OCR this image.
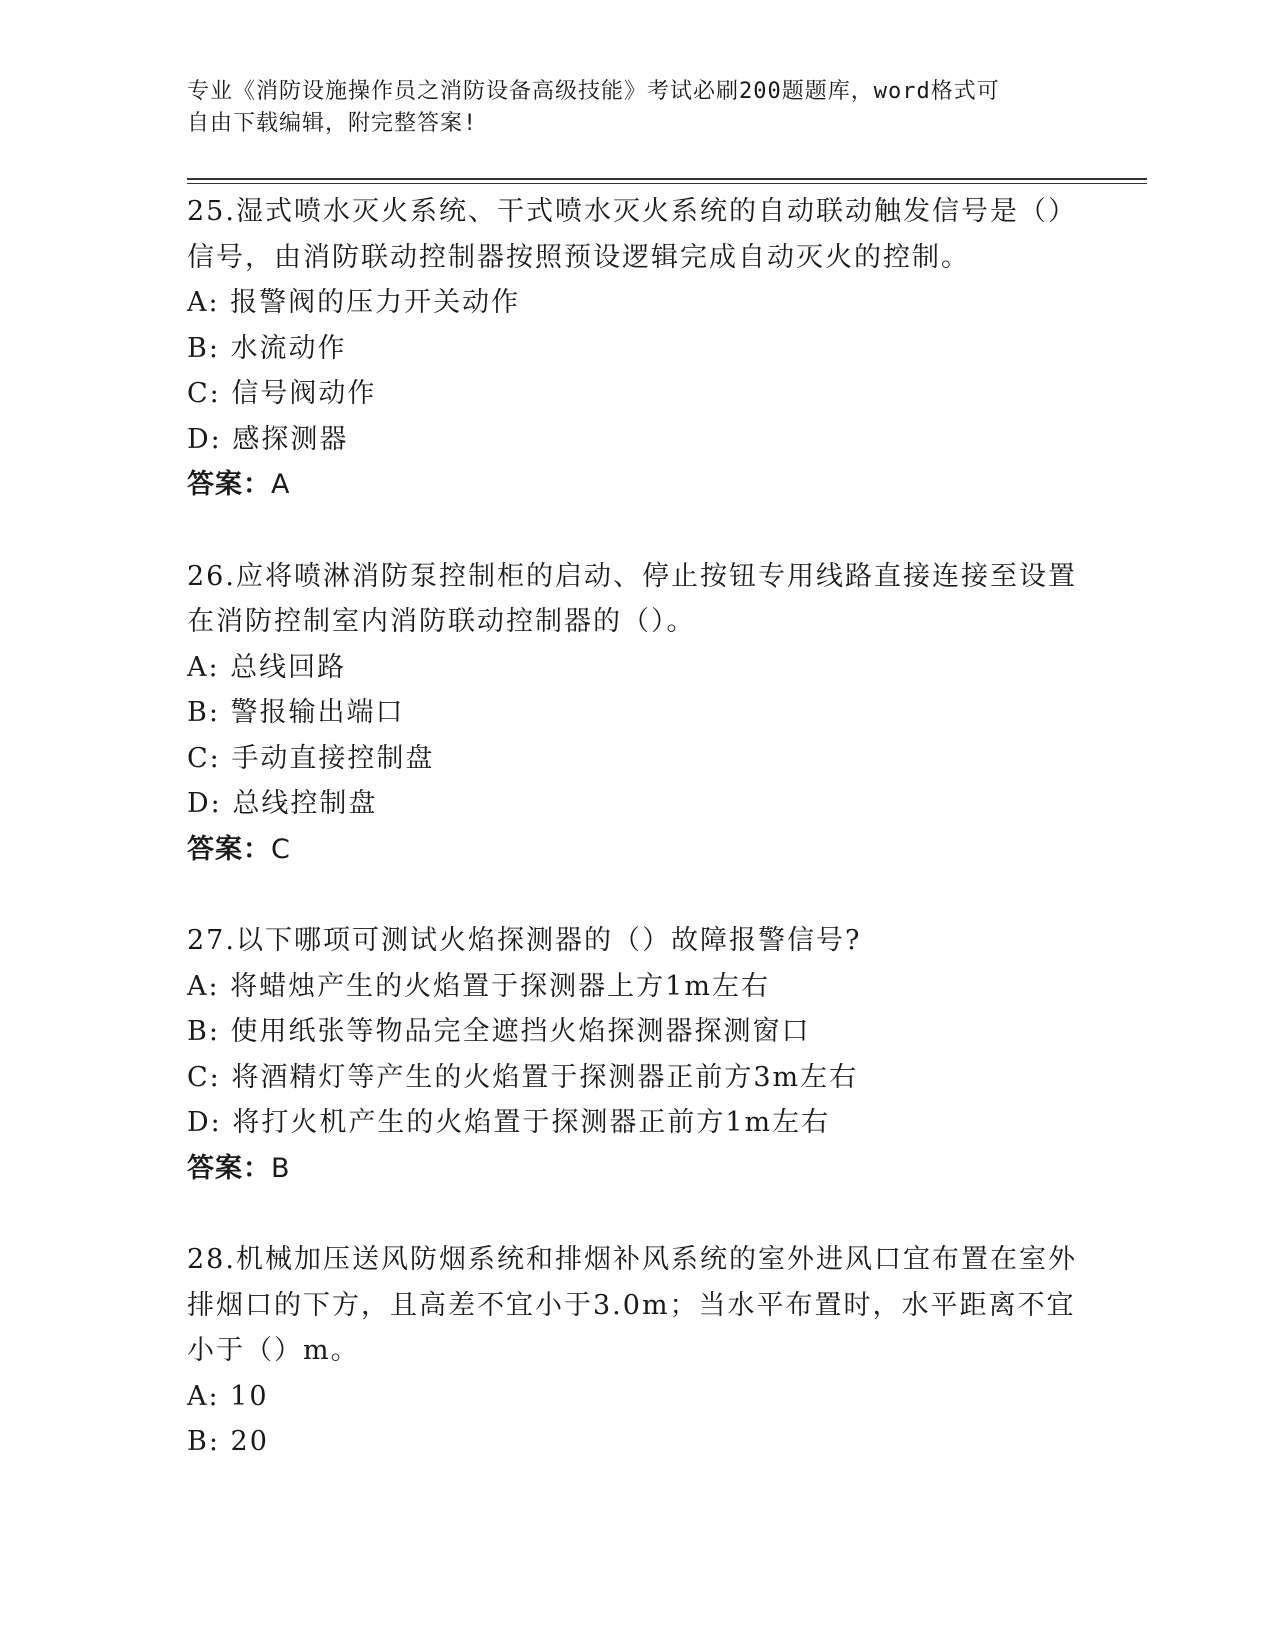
专业《消防设施操作员之消防设备高级技能》考试必刷200题题库，word格式可
自由下载编辑，附完整答案!
25.湿式喷水灭火系统、干式喷水灭火系统的自动联动触发信号是（）
信号，由消防联动控制器按照预设逻辑完成自动灭火的控制。
A: 报警阀的压力开关动作
B: 水流动作
C: 信号阀动作
D: 感探测器
答案：A
26.应将喷淋消防泵控制柜的启动、停止按钮专用线路直接连接至设置
在消防控制室内消防联动控制器的（）。
A: 总线回路
B: 警报输出端口
C: 手动直接控制盘
D: 总线控制盘
答案：C
27.以下哪项可测试火焰探测器的（）故障报警信号?
A: 将蜡烛产生的火焰置于探测器上方1m左右
B: 使用纸张等物品完全遮挡火焰探测器探测窗口
C: 将酒精灯等产生的火焰置于探测器正前方3m左右
D: 将打火机产生的火焰置于探测器正前方1m左右
答案：B
28.机械加压送风防烟系统和排烟补风系统的室外进风口宜布置在室外
排烟口的下方，且高差不宜小于3.0m；当水平布置时，水平距离不宜
小于（）m。
A: 10
B: 20
